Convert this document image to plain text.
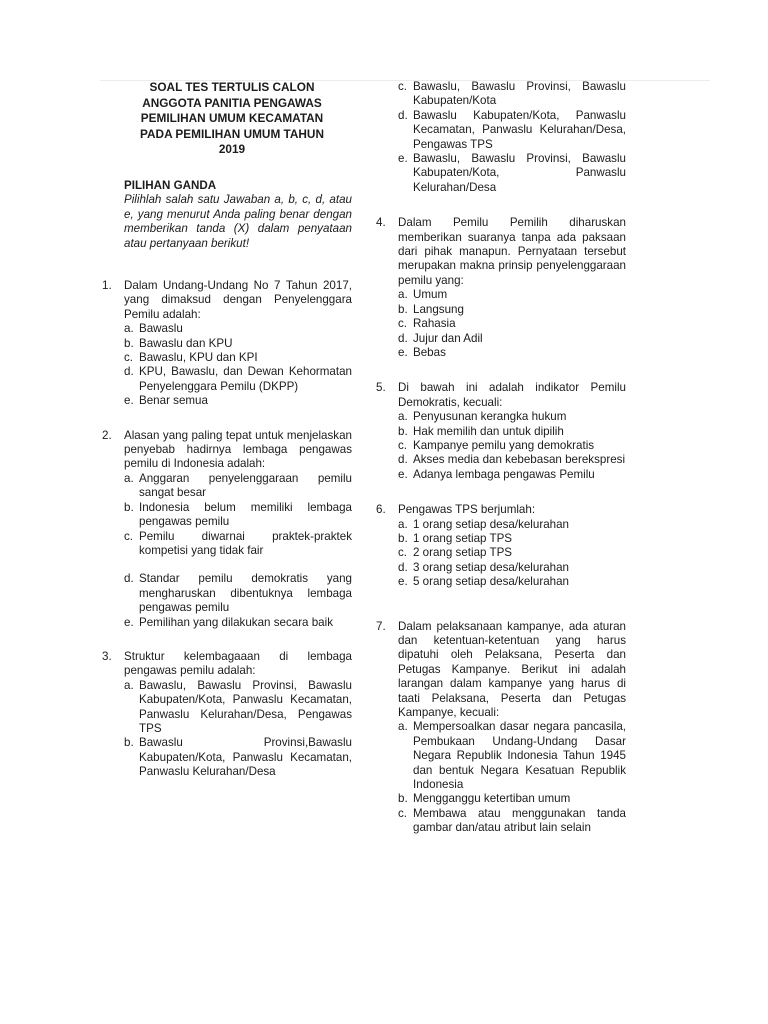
SOAL TES TERTULIS CALON
ANGGOTA PANITIA PENGAWAS
PEMILIHAN UMUM KECAMATAN
PADA PEMILIHAN UMUM TAHUN
2019
PILIHAN GANDA
Pilihlah salah satu Jawaban a, b, c, d, atau e, yang menurut Anda paling benar dengan memberikan tanda (X) dalam penyataan atau pertanyaan berikut!
1.	Dalam Undang-Undang No 7 Tahun 2017, yang dimaksud dengan Penyelenggara Pemilu adalah:
a. Bawaslu
b. Bawaslu dan KPU
c. Bawaslu, KPU dan KPI
d. KPU, Bawaslu, dan Dewan Kehormatan Penyelenggara Pemilu (DKPP)
e. Benar semua
2.	Alasan yang paling tepat untuk menjelaskan penyebab hadirnya lembaga pengawas pemilu di Indonesia adalah:
a. Anggaran penyelenggaraan pemilu sangat besar
b. Indonesia belum memiliki lembaga pengawas pemilu
c. Pemilu diwarnai praktek-praktek kompetisi yang tidak fair
d. Standar pemilu demokratis yang mengharuskan dibentuknya lembaga pengawas pemilu
e. Pemilihan yang dilakukan secara baik
3.	Struktur kelembagaaan di lembaga pengawas pemilu adalah:
a. Bawaslu, Bawaslu Provinsi, Bawaslu Kabupaten/Kota, Panwaslu Kecamatan, Panwaslu Kelurahan/Desa, Pengawas TPS
b. Bawaslu Provinsi,Bawaslu Kabupaten/Kota, Panwaslu Kecamatan, Panwaslu Kelurahan/Desa
c. Bawaslu, Bawaslu Provinsi, Bawaslu Kabupaten/Kota
d. Bawaslu Kabupaten/Kota, Panwaslu Kecamatan, Panwaslu Kelurahan/Desa, Pengawas TPS
e. Bawaslu, Bawaslu Provinsi, Bawaslu Kabupaten/Kota, Panwaslu Kelurahan/Desa
4.	Dalam Pemilu Pemilih diharuskan memberikan suaranya tanpa ada paksaan dari pihak manapun. Pernyataan tersebut merupakan makna prinsip penyelenggaraan pemilu yang:
a. Umum
b. Langsung
c. Rahasia
d. Jujur dan Adil
e. Bebas
5.	Di bawah ini adalah indikator Pemilu Demokratis, kecuali:
a. Penyusunan kerangka hukum
b. Hak memilih dan untuk dipilih
c. Kampanye pemilu yang demokratis
d. Akses media dan kebebasan berekspresi
e. Adanya lembaga pengawas Pemilu
6.	Pengawas TPS berjumlah:
a. 1 orang setiap desa/kelurahan
b. 1 orang setiap TPS
c. 2 orang setiap TPS
d. 3 orang setiap desa/kelurahan
e. 5 orang setiap desa/kelurahan
7.	Dalam pelaksanaan kampanye, ada aturan dan ketentuan-ketentuan yang harus dipatuhi oleh Pelaksana, Peserta dan Petugas Kampanye. Berikut ini adalah larangan dalam kampanye yang harus di taati Pelaksana, Peserta dan Petugas Kampanye, kecuali:
a. Mempersoalkan dasar negara pancasila, Pembukaan Undang-Undang Dasar Negara Republik Indonesia Tahun 1945 dan bentuk Negara Kesatuan Republik Indonesia
b. Mengganggu ketertiban umum
c. Membawa atau menggunakan tanda gambar dan/atau atribut lain selain
